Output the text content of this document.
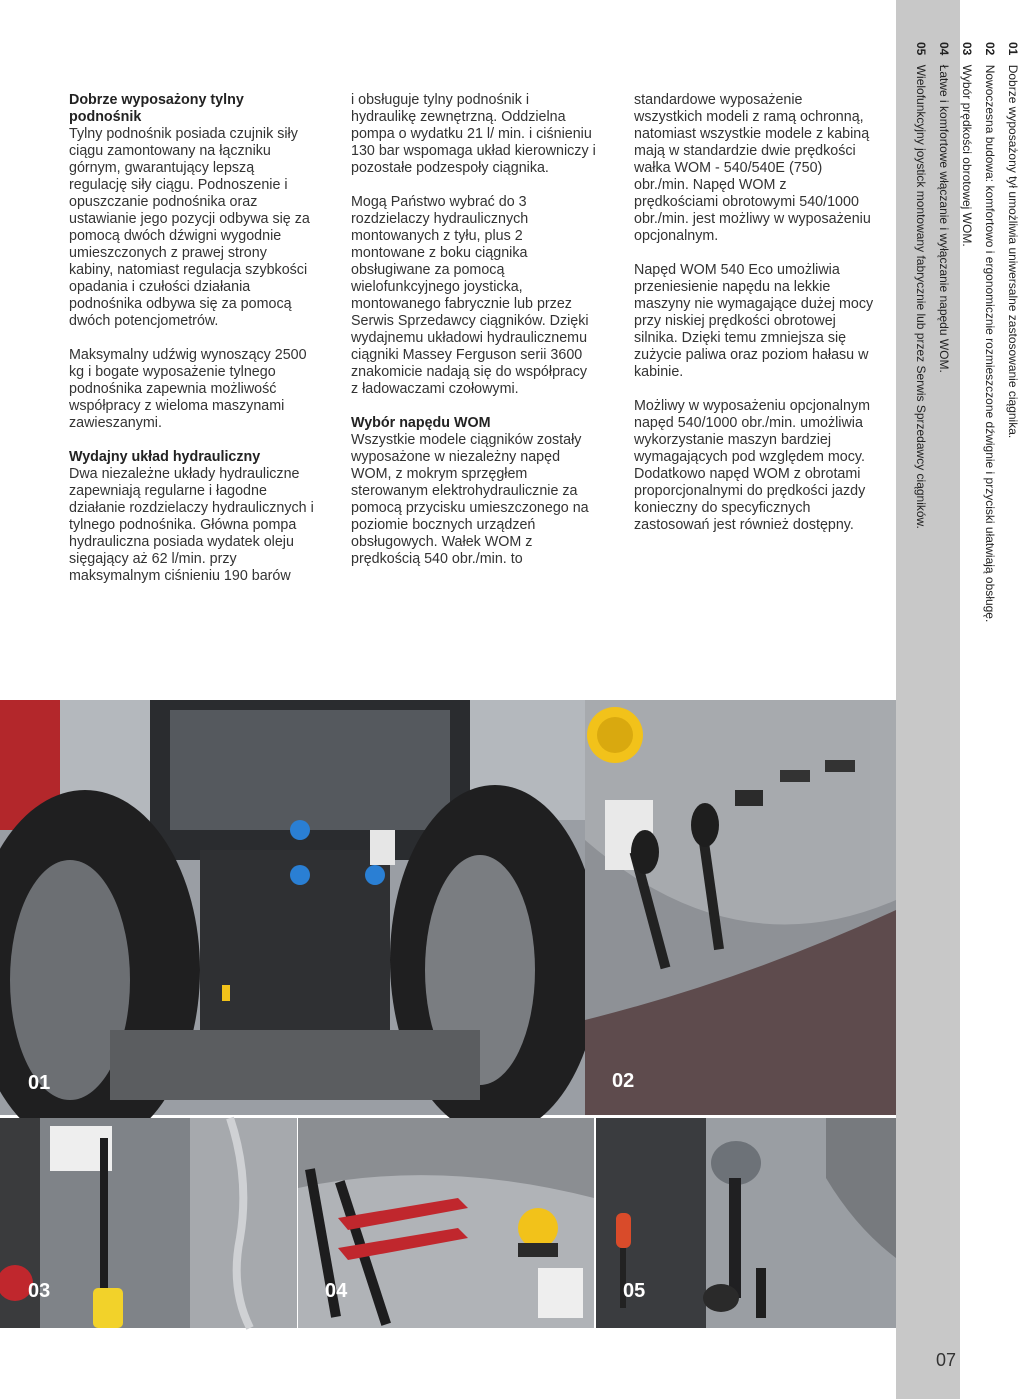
Dobrze wyposażony tylny podnośnik

Tylny podnośnik posiada czujnik siły ciągu zamontowany na łączniku górnym, gwarantujący lepszą regulację siły ciągu. Podnoszenie i opuszczanie podnośnika oraz ustawianie jego pozycji odbywa się za pomocą dwóch dźwigni wygodnie umieszczonych z prawej strony kabiny, natomiast regulacja szybkości opadania i czułości działania podnośnika odbywa się za pomocą dwóch potencjometrów.

Maksymalny udźwig wynoszący 2500 kg i bogate wyposażenie tylnego podnośnika zapewnia możliwość współpracy z wieloma maszynami zawieszanymi.

Wydajny układ hydrauliczny

Dwa niezależne układy hydrauliczne zapewniają regularne i łagodne działanie rozdzielaczy hydraulicznych i tylnego podnośnika. Główna pompa hydrauliczna posiada wydatek oleju sięgający aż 62 l/min. przy maksymalnym ciśnieniu 190 barów

i obsługuje tylny podnośnik i hydraulikę zewnętrzną. Oddzielna pompa o wydatku 21 l/ min. i ciśnieniu 130 bar wspomaga układ kierowniczy i pozostałe podzespoły ciągnika.

Mogą Państwo wybrać do 3 rozdzielaczy hydraulicznych montowanych z tyłu, plus 2 montowane z boku ciągnika obsługiwane za pomocą wielofunkcyjnego joysticka, montowanego fabrycznie lub przez Serwis Sprzedawcy ciągników. Dzięki wydajnemu układowi hydraulicznemu ciągniki Massey Ferguson serii 3600 znakomicie nadają się do współpracy z ładowaczami czołowymi.

Wybór napędu WOM

Wszystkie modele ciągników zostały wyposażone w niezależny napęd WOM, z mokrym sprzęgłem sterowanym elektrohydraulicznie za pomocą przycisku umieszczonego na poziomie bocznych urządzeń obsługowych. Wałek WOM z prędkością 540 obr./min. to

standardowe wyposażenie wszystkich modeli z ramą ochronną, natomiast wszystkie modele z kabiną mają w standardzie dwie prędkości wałka WOM - 540/540E (750) obr./min. Napęd WOM z prędkościami obrotowymi 540/1000 obr./min. jest możliwy w wyposażeniu opcjonalnym.

Napęd WOM 540 Eco umożliwia przeniesienie napędu na lekkie maszyny nie wymagające dużej mocy przy niskiej prędkości obrotowej silnika. Dzięki temu zmniejsza się zużycie paliwa oraz poziom hałasu w kabinie.

Możliwy w wyposażeniu opcjonalnym napęd 540/1000 obr./min. umożliwia wykorzystanie maszyn bardziej wymagających pod względem mocy. Dodatkowo napęd WOM z obrotami proporcjonalnymi do prędkości jazdy konieczny do specyficznych zastosowań jest również dostępny.

01 Dobrze wyposażony tył umożliwia uniwersalne zastosowanie ciągnika.
02 Nowoczesna budowa: komfortowo i ergonomicznie rozmieszczone dźwignie i przyciski ułatwiają obsługę.
03 Wybór prędkości obrotowej WOM.
04 Łatwe i komfortowe włączanie i wyłączanie napędu WOM.
05 Wielofunkcyjny joystick montowany fabrycznie lub przez Serwis Sprzedawcy ciągników.
07
01	02
03	04	05
